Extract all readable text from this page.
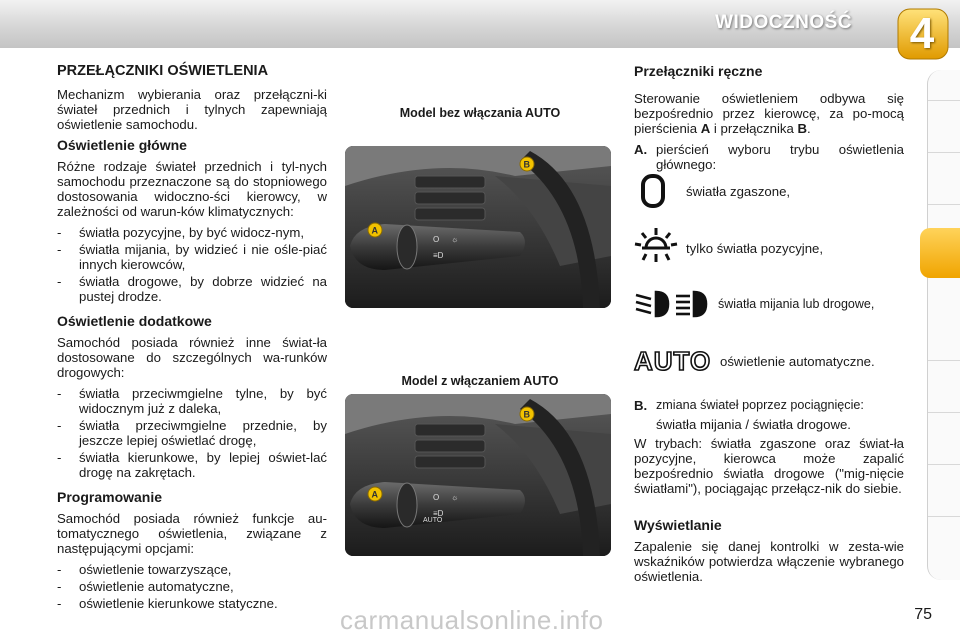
WIDOCZNOŚĆ	4
PRZEŁĄCZNIKI OŚWIETLENIA

Mechanizm wybierania oraz przełączni-ki świateł przednich i tylnych zapewniają oświetlenie samochodu.

Oświetlenie główne

Różne rodzaje świateł przednich i tyl-nych samochodu przeznaczone są do stopniowego dostosowania widoczno-ści kierowcy, w zależności od warun-ków klimatycznych:

-	światła pozycyjne, by być widocz-nym,
-	światła mijania, by widzieć i nie ośle-piać innych kierowców,
-	światła drogowe, by dobrze widzieć na pustej drodze.
Oświetlenie dodatkowe

Samochód posiada również inne świat-ła dostosowane do szczególnych wa-runków drogowych:

-	światła przeciwmgielne tylne, by być widocznym już z daleka,
-	światła przeciwmgielne przednie, by jeszcze lepiej oświetlać drogę,
-	światła kierunkowe, by lepiej oświet-lać drogę na zakrętach.
Programowanie

Samochód posiada również funkcje au-tomatycznego oświetlenia, związane z następującymi opcjami:

-	oświetlenie towarzyszące,
-	oświetlenie automatyczne,
-	oświetlenie kierunkowe statyczne.
Model bez włączania AUTO
O ☼
≡D
A
B
Model z włączaniem AUTO
O ☼
≡D
AUTO
A
B
Przełączniki ręczne

Sterowanie oświetleniem odbywa się bezpośrednio przez kierowcę, za po-mocą pierścienia A i przełącznika B.

A. pierścień wyboru trybu oświetlenia głównego:
światła zgaszone,
tylko światła pozycyjne,
światła mijania lub drogowe,
AUTO oświetlenie automatyczne.
B. zmiana świateł poprzez pociągnięcie:
światła mijania / światła drogowe.

W trybach: światła zgaszone oraz świat-ła pozycyjne, kierowca może zapalić bezpośrednio światła drogowe ("mig-nięcie światłami"), pociągając przełącz-nik do siebie.

Wyświetlanie

Zapalenie się danej kontrolki w zesta-wie wskaźników potwierdza włączenie wybranego oświetlenia.

75
carmanualsonline.info
